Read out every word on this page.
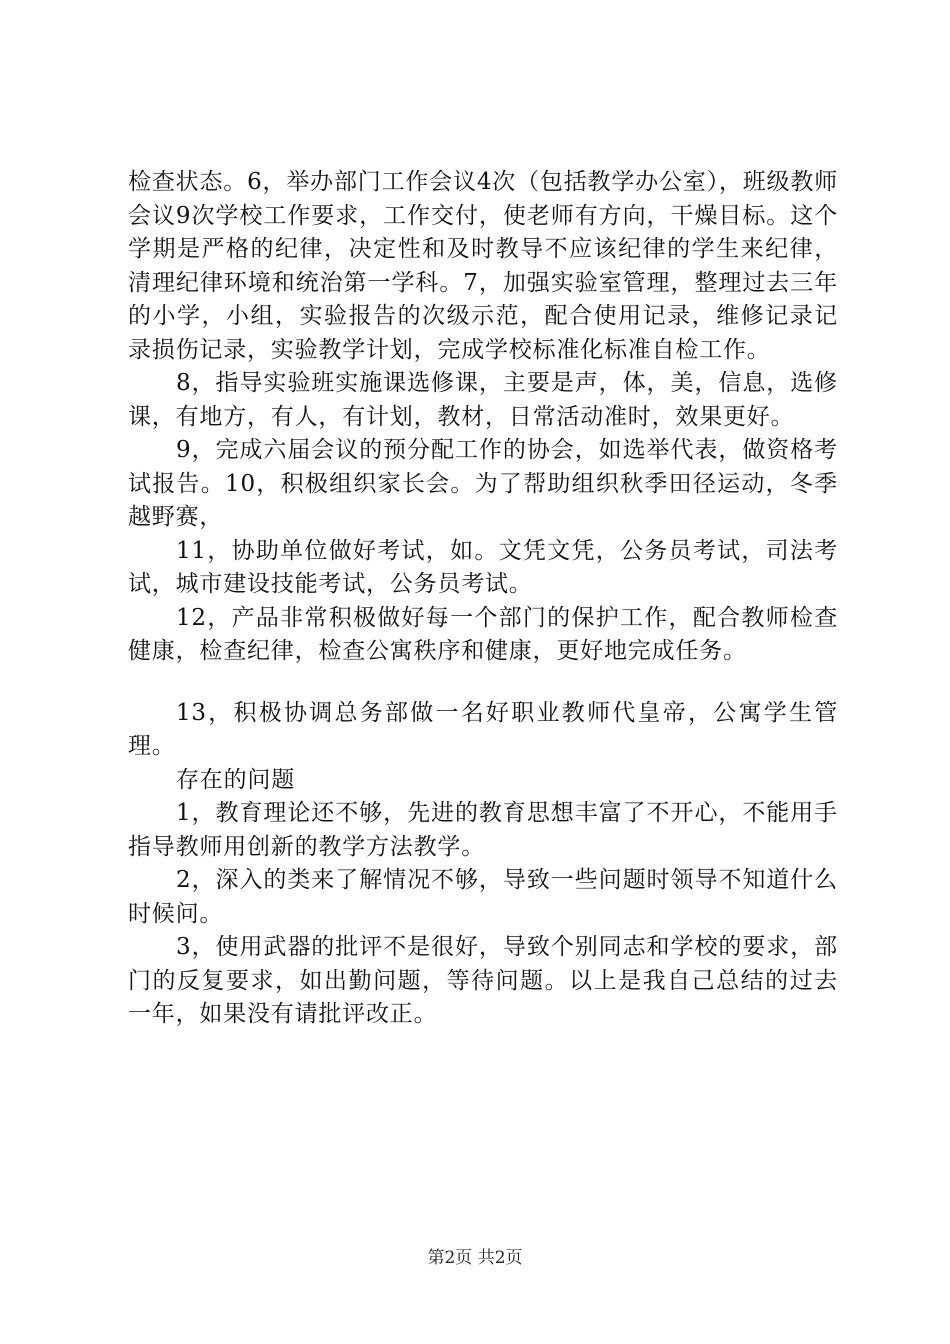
检查状态。6，举办部门工作会议4次（包括教学办公室），班级教师会议9次学校工作要求，工作交付，使老师有方向，干燥目标。这个学期是严格的纪律，决定性和及时教导不应该纪律的学生来纪律，清理纪律环境和统治第一学科。7，加强实验室管理，整理过去三年的小学，小组，实验报告的次级示范，配合使用记录，维修记录记录损伤记录，实验教学计划，完成学校标准化标准自检工作。

8，指导实验班实施课选修课，主要是声，体，美，信息，选修课，有地方，有人，有计划，教材，日常活动准时，效果更好。

9，完成六届会议的预分配工作的协会，如选举代表，做资格考试报告。10，积极组织家长会。为了帮助组织秋季田径运动，冬季越野赛，

11，协助单位做好考试，如。文凭文凭，公务员考试，司法考试，城市建设技能考试，公务员考试。

12，产品非常积极做好每一个部门的保护工作，配合教师检查健康，检查纪律，检查公寓秩序和健康，更好地完成任务。

13，积极协调总务部做一名好职业教师代皇帝，公寓学生管理。

存在的问题

1，教育理论还不够，先进的教育思想丰富了不开心，不能用手指导教师用创新的教学方法教学。

2，深入的类来了解情况不够，导致一些问题时领导不知道什么时候问。

3，使用武器的批评不是很好，导致个别同志和学校的要求，部门的反复要求，如出勤问题，等待问题。以上是我自己总结的过去一年，如果没有请批评改正。

第2页 共2页
